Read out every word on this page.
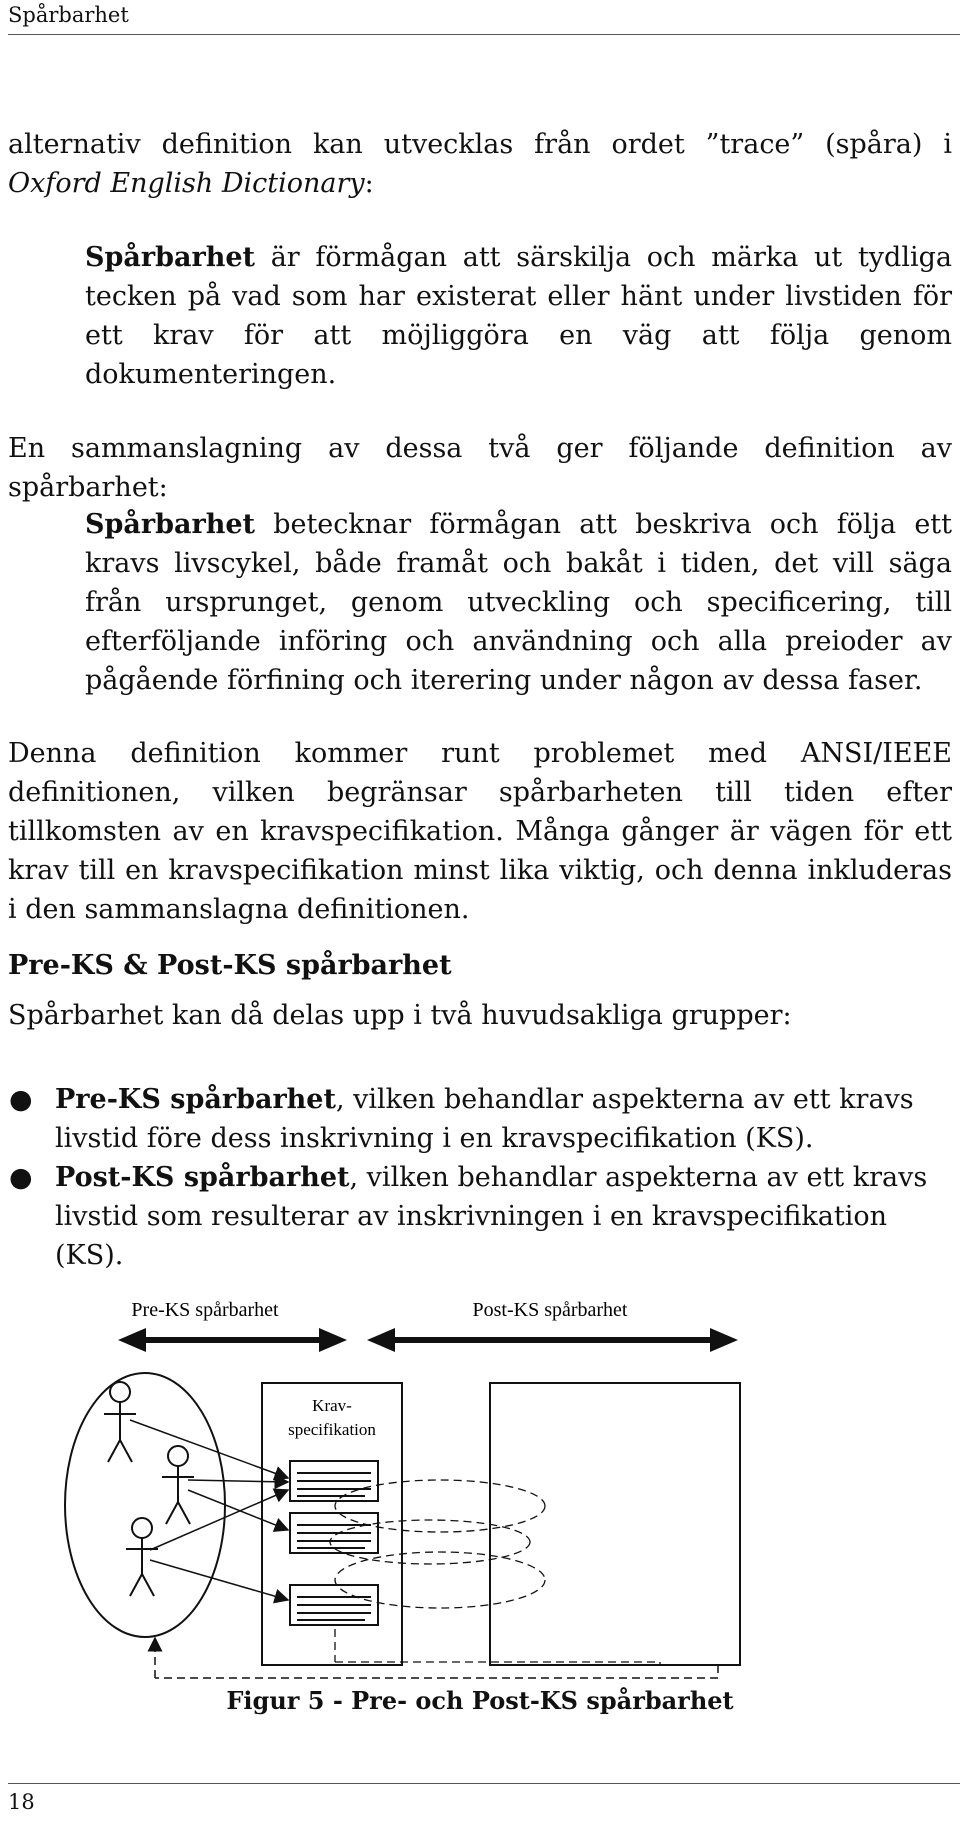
Spårbarhet

alternativ definition kan utvecklas från ordet ”trace” (spåra) i Oxford English Dictionary:

Spårbarhet är förmågan att särskilja och märka ut tydliga tecken på vad som har existerat eller hänt under livstiden för ett krav för att möjliggöra en väg att följa genom dokumenteringen.

En sammanslagning av dessa två ger följande definition av spårbarhet:

Spårbarhet betecknar förmågan att beskriva och följa ett kravs livscykel, både framåt och bakåt i tiden, det vill säga från ursprunget, genom utveckling och specificering, till efterföljande införing och användning och alla preioder av pågående förfining och iterering under någon av dessa faser.

Denna definition kommer runt problemet med ANSI/IEEE definitionen, vilken begränsar spårbarheten till tiden efter tillkomsten av en kravspecifikation. Många gånger är vägen för ett krav till en kravspecifikation minst lika viktig, och denna inkluderas i den sammanslagna definitionen.

Pre-KS & Post-KS spårbarhet
Spårbarhet kan då delas upp i två huvudsakliga grupper:
● Pre-KS spårbarhet, vilken behandlar aspekterna av ett kravs livstid före dess inskrivning i en kravspecifikation (KS).
● Post-KS spårbarhet, vilken behandlar aspekterna av ett kravs livstid som resulterar av inskrivningen i en kravspecifikation (KS).
Pre-KS spårbarhet	Post-KS spårbarhet
Krav-
specifikation
Figur 5 - Pre- och Post-KS spårbarhet
18
